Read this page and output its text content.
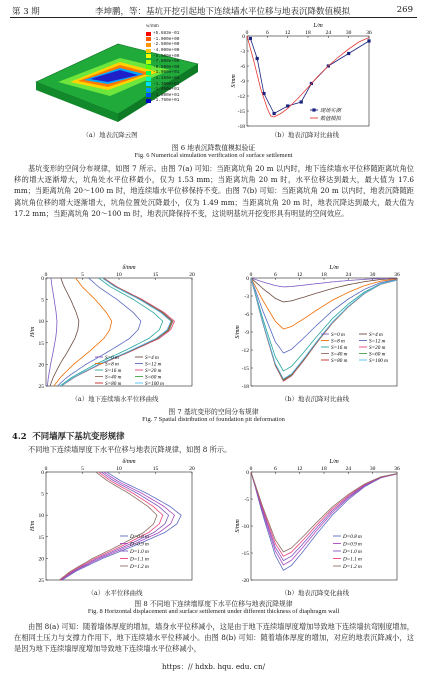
第 3 期	李坤鹏，等：基坑开挖引起地下连续墙水平位移与地表沉降数值模拟	269
w/mm
+5.683e-01
-1.000e+00
-2.500e+00
-4.000e+00
-5.500e+00
-7.000e+00
-8.500e+00
-1.000e+01
-1.150e+01
-1.300e+01
-1.450e+01
-1.600e+01
-1.760e+01
0	6	12	18	24	30	36
0
-3
-6
-9
-12
-15
-18
L/m
S/mm
现场实测
数值模拟
（a）地表沉降云图	（b）地表沉降对比曲线
图 6 地表沉降数值模拟验证
Fig. 6 Numerical simulation verification of surface settlement
基坑变形的空间分布规律，如图 7 所示。由图 7(a) 可知：当距离坑角 20 m 以内时，地下连续墙水平位移随距离坑角位移的增大逐渐增大，坑角处水平位移最小，仅为 1.53 mm；当距离坑角 20 m 时，水平位移达到最大，最大值为 17.6 mm；当距离坑角 20～100 m 时，地连续墙水平位移保持不变。由图 7(b) 可知：当距离坑角 20 m 以内时，地表沉降随距离坑角位移的增大逐渐增大，坑角位置处沉降最小，仅为 1.49 mm；当距离坑角 20 m 时，地表沉降达到最大，最大值为 17.2 mm；当距离坑角 20～100 m 时，地表沉降保持不变，这说明基坑开挖变形具有明显的空间效应。
0	5	10	15	20
0
5
10
15
20
25
δ/mm
H/m
S=0 m	S=4 m
S=8 m	S=12 m
S=16 m	S=20 m
S=40 m	S=60 m
S=80 m	S=100 m
0	6	12	18	24	30	36
0
-3
-6
-9
-12
-15
-18
L/m
S/mm	S=0 m	S=4 m
S=8 m	S=12 m
S=16 m	S=20 m
S=40 m	S=60 m
S=80 m	S=100 m
（a）地下连续墙水平位移曲线	（b）地表沉降对比曲线
图 7 基坑变形的空间分布规律
Fig. 7 Spatial distribution of foundation pit deformation
4.2 不同墙厚下基坑变形规律
不同地下连续墙厚度下水平位移与地表沉降规律，如图 8 所示。
0	5	10	15	20
0
5
10
15
20
25
δ/mm
H/m
D=0.8 m
D=0.9 m
D=1.0 m
D=1.1 m
D=1.2 m
0	6	12	18	24	30	36
0
-5
-10
-15
-20
L/m
S/mm
D=0.8 m
D=0.9 m
D=1.0 m
D=1.1 m
D=1.2 m
（a）水平位移曲线	（b）地表沉降变化曲线
图 8 不同地下连续墙厚度下水平位移与地表沉降规律
Fig. 8 Horizontal displacement and surface settlement under different thickness of diaphragm wall
由图 8(a) 可知：随着墙体厚度的增加，墙身水平位移减小，这是由于地下连续墙厚度增加导致地下连续墙抗弯刚度增加，在相同土压力与支撑力作用下，地下连续墙水平位移减小。由图 8(b) 可知：随着墙体厚度的增加，对应的地表沉降减小，这是因为地下连续墙厚度增加导致地下连续墙水平位移减小，
https：// hdxb. hqu. edu. cn/
